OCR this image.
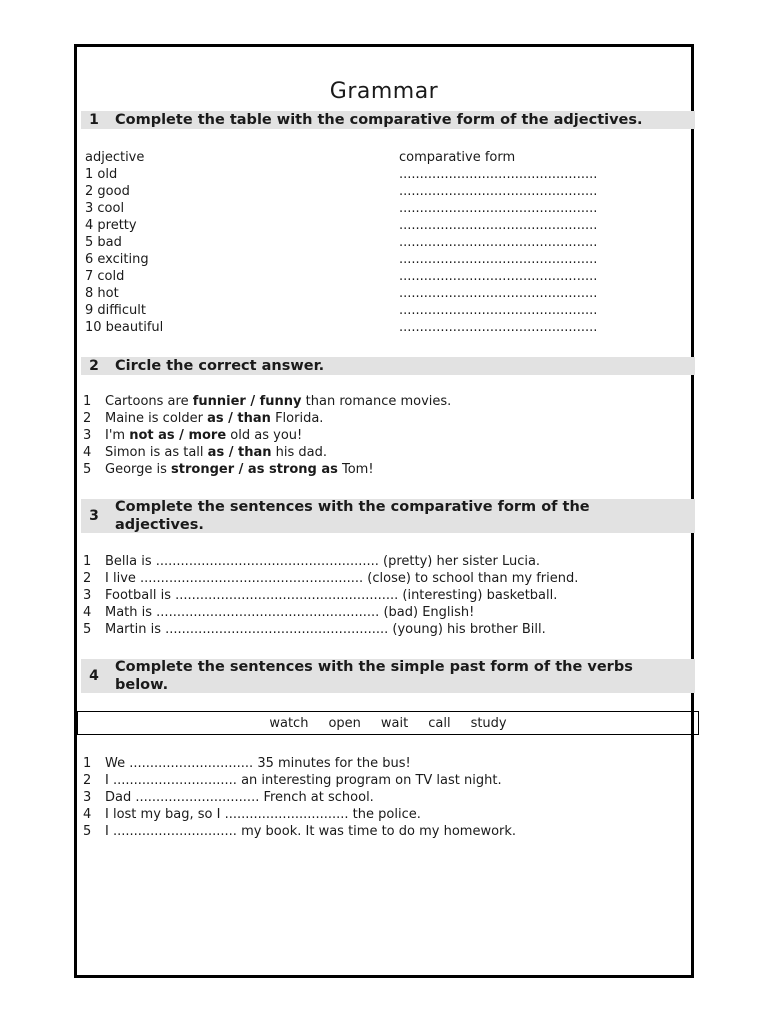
Grammar
1	Complete the table with the comparative form of the adjectives.
adjective	comparative form
1 old	................................................
2 good	................................................
3 cool	................................................
4 pretty	................................................
5 bad	................................................
6 exciting	................................................
7 cold	................................................
8 hot	................................................
9 difficult	................................................
10 beautiful	................................................
2	Circle the correct answer.
1 Cartoons are funnier / funny than romance movies.
2 Maine is colder as / than Florida.
3 I'm not as / more old as you!
4 Simon is as tall as / than his dad.
5 George is stronger / as strong as Tom!
3
Complete the sentences with the comparative form of the adjectives.
1 Bella is ...................................................... (pretty) her sister Lucia.
2 I live ...................................................... (close) to school than my friend.
3 Football is ...................................................... (interesting) basketball.
4 Math is ...................................................... (bad) English!
5 Martin is ...................................................... (young) his brother Bill.
4
Complete the sentences with the simple past form of the verbs below.
watch open wait call study
1 We .............................. 35 minutes for the bus!
2 I .............................. an interesting program on TV last night.
3 Dad .............................. French at school.
4 I lost my bag, so I .............................. the police.
5 I .............................. my book. It was time to do my homework.
